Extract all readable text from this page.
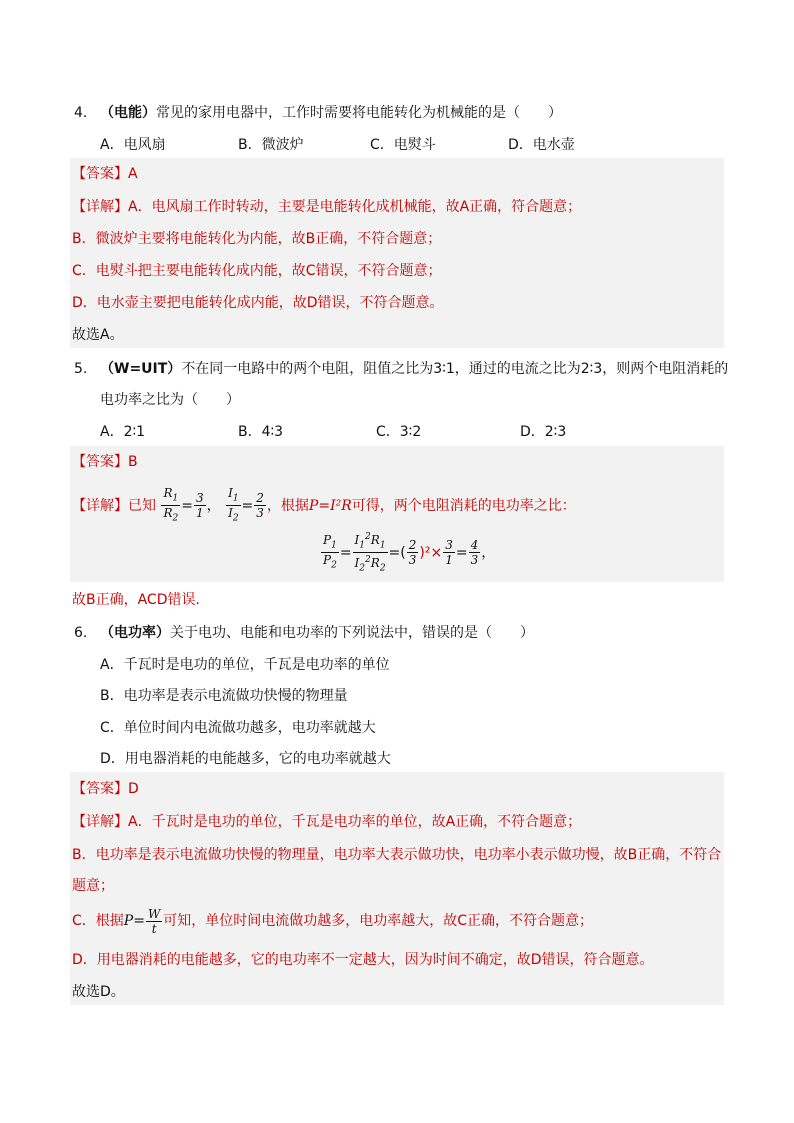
4. （电能）常见的家用电器中，工作时需要将电能转化为机械能的是（　　）
A．电风扇	B．微波炉	C．电熨斗	D．电水壶
【答案】A
【详解】A．电风扇工作时转动，主要是电能转化成机械能，故A正确，符合题意；
B．微波炉主要将电能转化为内能，故B正确，不符合题意；
C．电熨斗把主要电能转化成内能，故C错误，不符合题意；
D．电水壶主要把电能转化成内能，故D错误，不符合题意。
故选A。
5. （W=UIT）不在同一电路中的两个电阻，阻值之比为3∶1，通过的电流之比为2∶3，则两个电阻消耗的
电功率之比为（　　）
A．2∶1	B．4∶3	C．3∶2	D．2∶3
【答案】B
【详解】已知 $\frac{R_1}{R_2} = \frac{3}{1}$ ， $\frac{I_1}{I_2} = \frac{2}{3}$ ，根据P=I²R可得，两个电阻消耗的电功率之比：
$\frac{P_1}{P_2} = \frac{I_1^2R_1}{I_2^2R_2}$ =( $\frac{2}{3} )^2\times \frac{3}{1} = \frac{4}{3}$ ，
故B正确，ACD错误．
6. （电功率）关于电功、电能和电功率的下列说法中，错误的是（　　）
A．千瓦时是电功的单位，千瓦是电功率的单位
B．电功率是表示电流做功快慢的物理量
C．单位时间内电流做功越多，电功率就越大
D．用电器消耗的电能越多，它的电功率就越大
【答案】D
【详解】A．千瓦时是电功的单位，千瓦是电功率的单位，故A正确，不符合题意；
B．电功率是表示电流做功快慢的物理量，电功率大表示做功快，电功率小表示做功慢，故B正确，不符合
题意；
C．根据$P= \frac{W}{t}$ 可知，单位时间电流做功越多，电功率越大，故C正确，不符合题意；
D．用电器消耗的电能越多，它的电功率不一定越大，因为时间不确定，故D错误，符合题意。
故选D。
